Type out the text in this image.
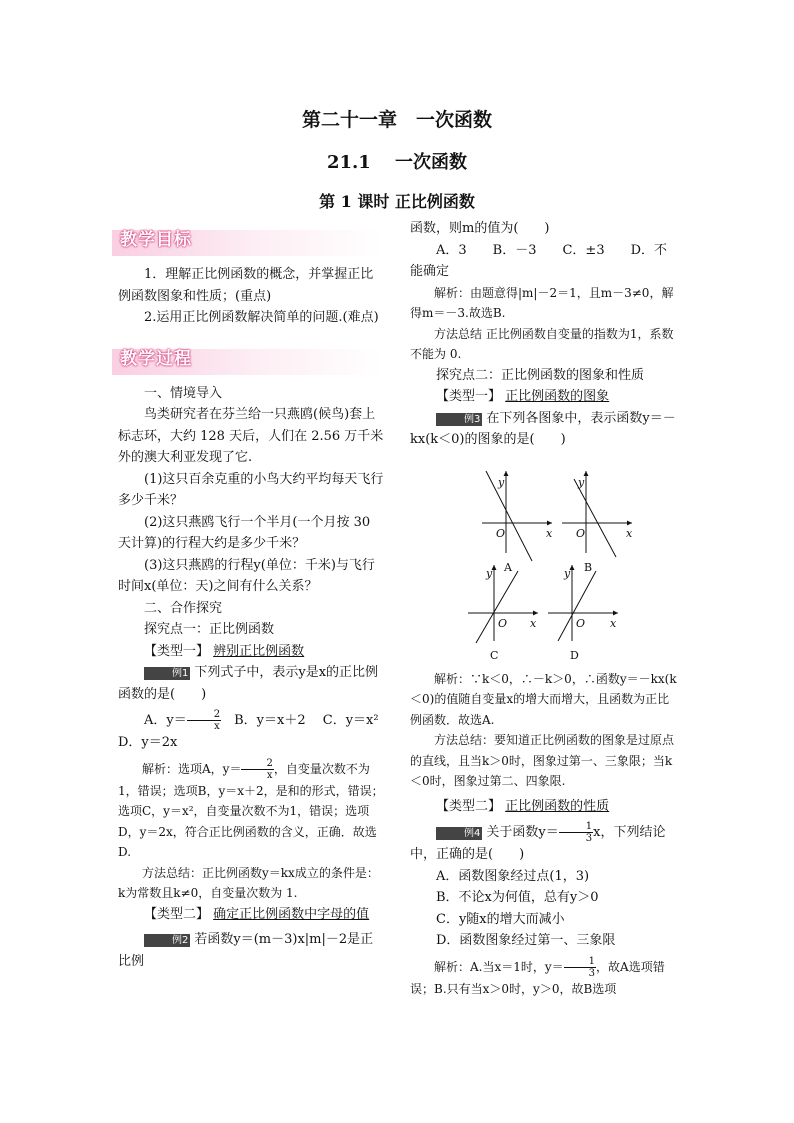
第二十一章　一次函数
21.1　 一次函数
第 1 课时 正比例函数
教学目标

1．理解正比例函数的概念，并掌握正比例函数图象和性质；(重点)

2.运用正比例函数解决简单的问题.(难点)

教学过程

一、情境导入

鸟类研究者在芬兰给一只燕鸥(候鸟)套上标志环，大约 128 天后，人们在 2.56 万千米外的澳大利亚发现了它.

(1)这只百余克重的小鸟大约平均每天飞行多少千米？

(2)这只燕鸥飞行一个半月(一个月按 30 天计算)的行程大约是多少千米？

(3)这只燕鸥的行程y(单位：千米)与飞行时间x(单位：天)之间有什么关系？

二、合作探究

探究点一：正比例函数

【类型一】 辨别正比例函数

例1 下列式子中，表示y是x的正比例函数的是(　　)

A．$y= \frac{2}{x}$ 　B．y＝x＋2　 C．y＝x²

D．y＝2x

解析：选项A，$y= \frac{2}{x}$ ，自变量次数不为1，错误；选项B，y＝x＋2，是和的形式，错误；选项C，y＝x²，自变量次数不为1，错误；选项D，y＝2x，符合正比例函数的含义，正确．故选D.

方法总结：正比例函数y＝kx成立的条件是：k为常数且k≠0，自变量次数为 1.

【类型二】 确定正比例函数中字母的值

例2 若函数y＝(m－3)x|m|－2是正比例

函数，则m的值为(　　)

A．3　　B．－3　　C．±3　　D．不能确定

解析：由题意得|m|－2＝1，且m－3≠0，解得m＝－3.故选B.

方法总结 正比例函数自变量的指数为1，系数不能为 0.

探究点二：正比例函数的图象和性质

【类型一】 正比例函数的图象

例3 在下列各图象中，表示函数y＝－kx(k＜0)的图象的是(　　)

y
x
O
A
y
x
O
B
y
x
O
C
y
x
O
D

解析：∵k＜0，∴－k＞0，∴函数y＝－kx(k＜0)的值随自变量x的增大而增大，且函数为正比例函数．故选A.

方法总结：要知道正比例函数的图象是过原点的直线，且当k＞0时，图象过第一、三象限；当k＜0时，图象过第二、四象限.

【类型二】 正比例函数的性质

例4 关于函数$y= \frac{1}{3}$ x，下列结论中，正确的是(　　)

A．函数图象经过点(1，3)

B．不论x为何值，总有y＞0

C．y随x的增大而减小

D．函数图象经过第一、三象限

解析：A.当x＝1时，$y= \frac{1}{3}$ ，故A选项错误；B.只有当x＞0时，y＞0，故B选项
